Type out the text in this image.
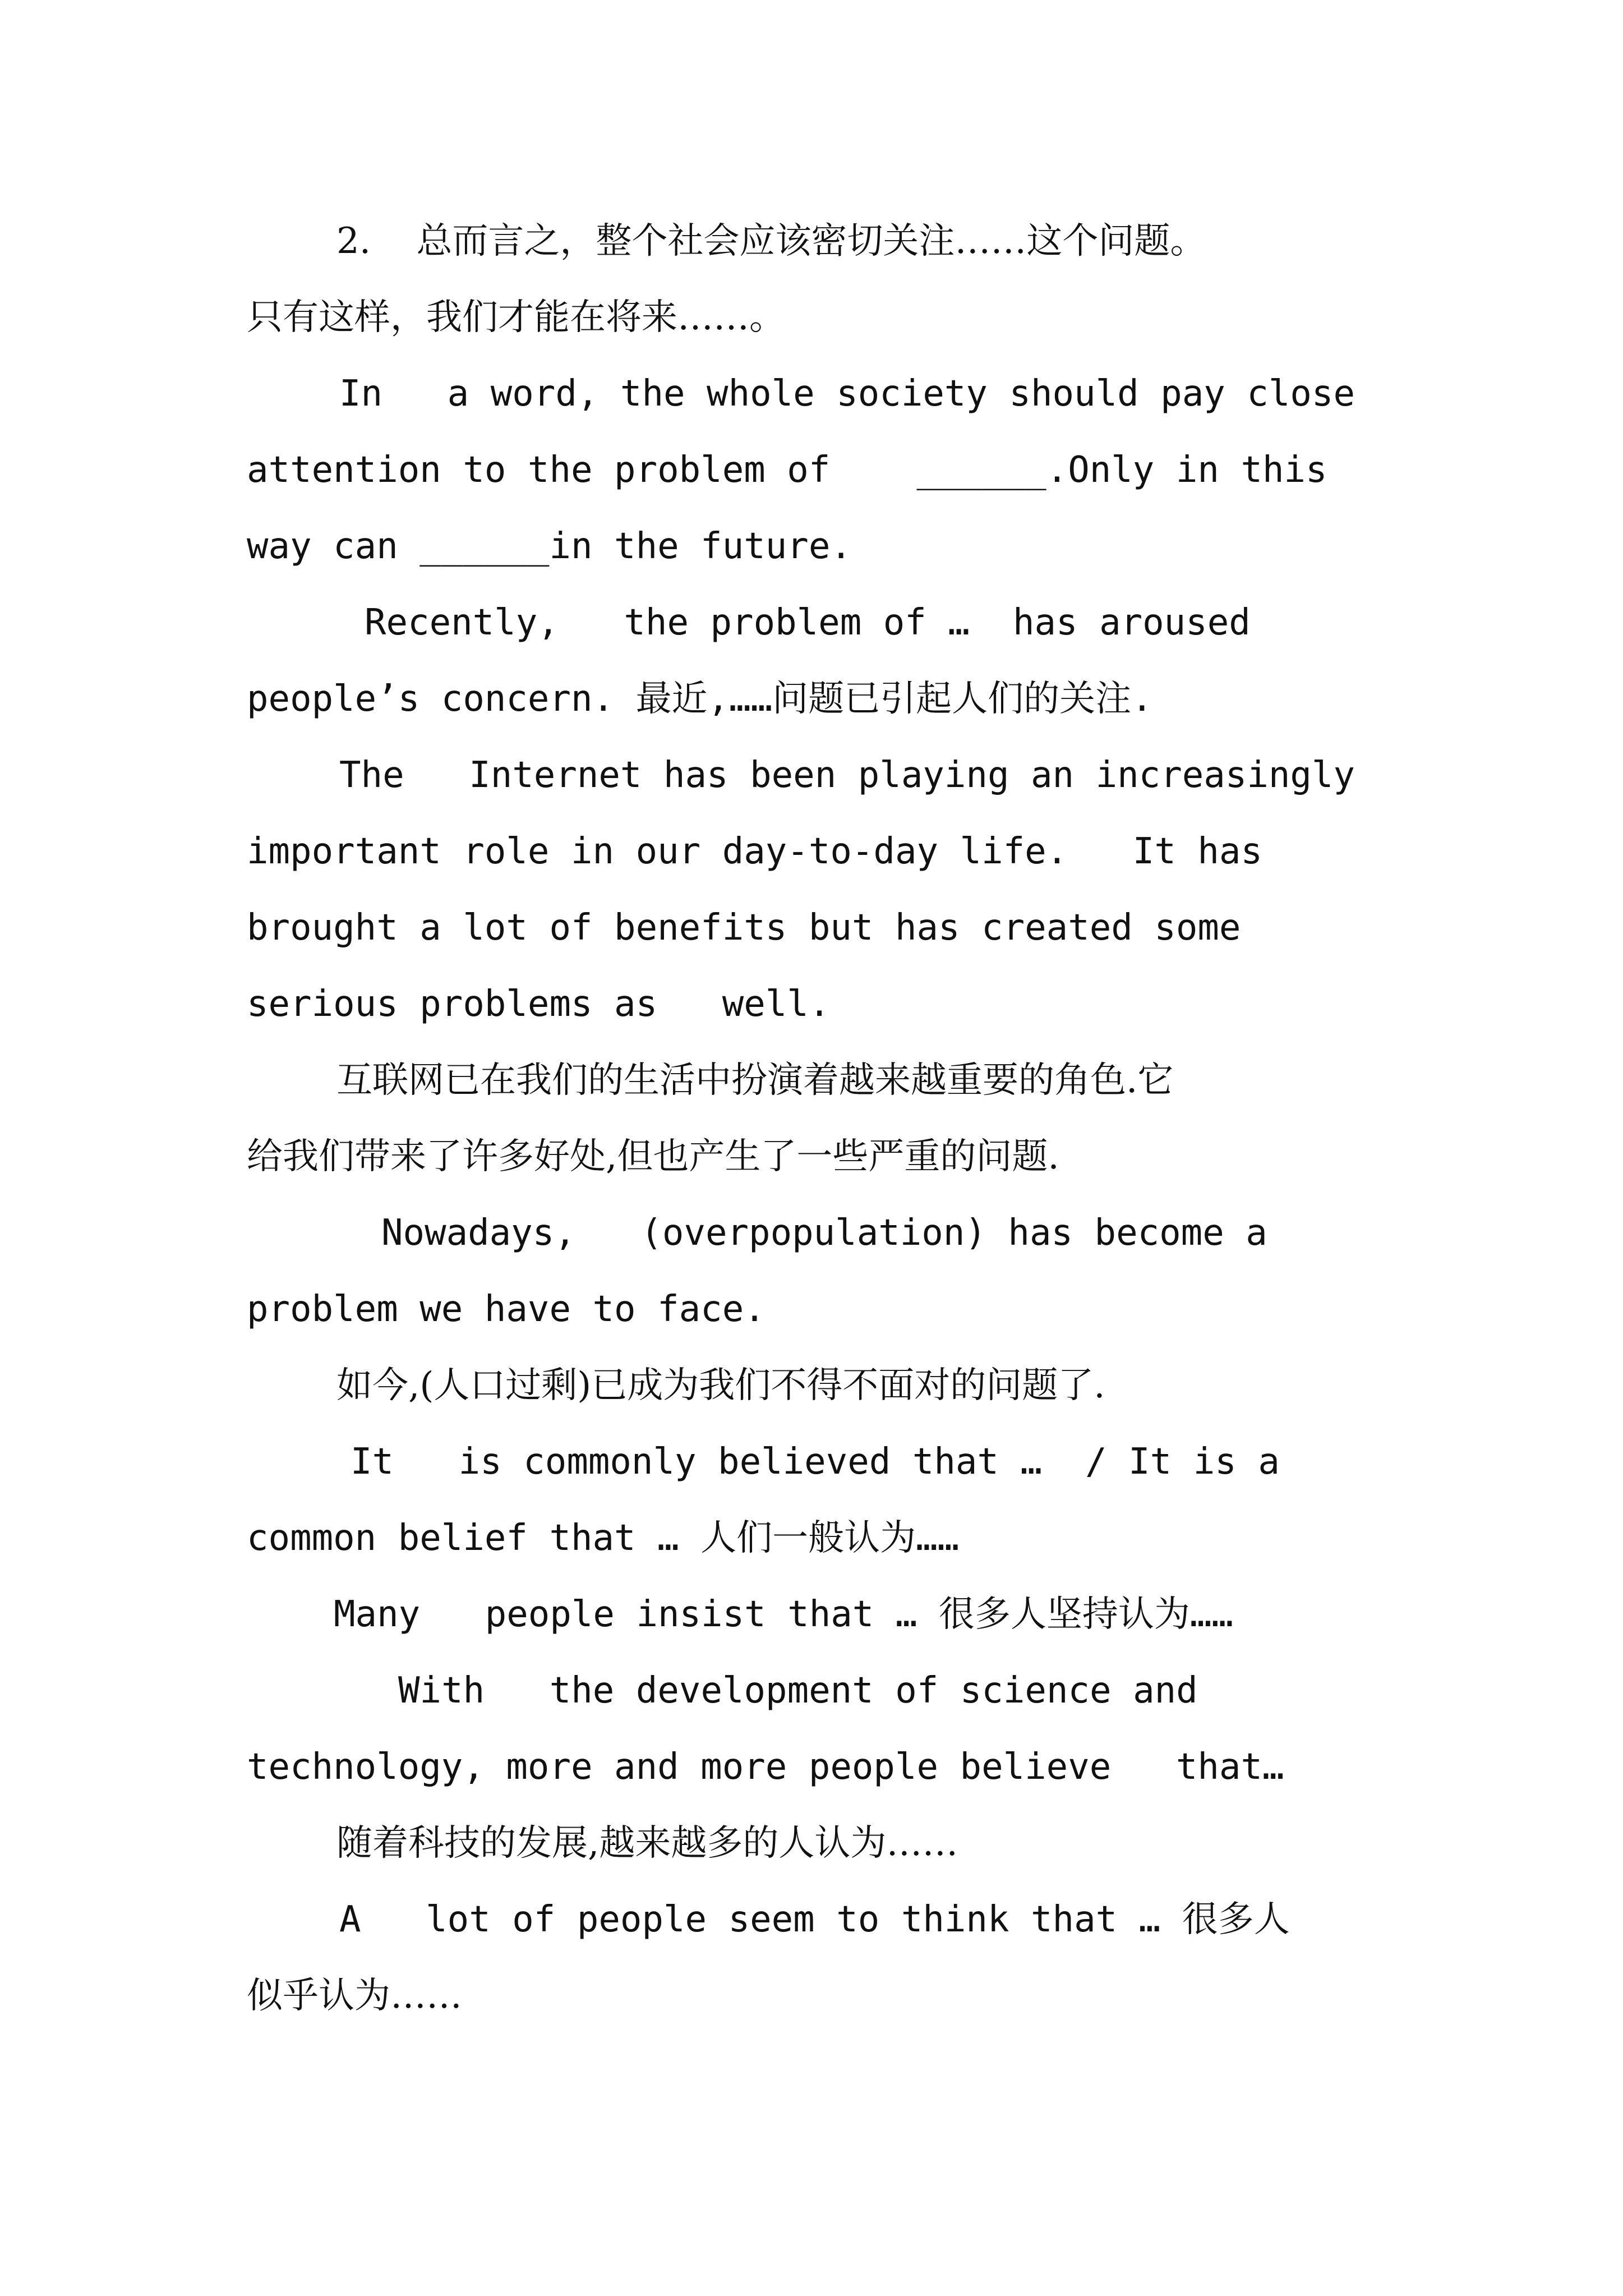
2.    总而言之，整个社会应该密切关注……这个问题。
只有这样，我们才能在将来……。
In   a word, the whole society should pay close
attention to the problem of    ______.Only in this
way can ______in the future.
Recently,   the problem of …  has aroused
people’s concern. 最近,……问题已引起人们的关注.
The   Internet has been playing an increasingly
important role in our day-to-day life.   It has
brought a lot of benefits but has created some
serious problems as   well.
互联网已在我们的生活中扮演着越来越重要的角色.它
给我们带来了许多好处,但也产生了一些严重的问题.
Nowadays,   (overpopulation) has become a
problem we have to face.
如今,(人口过剩)已成为我们不得不面对的问题了.
It   is commonly believed that …  / It is a
common belief that … 人们一般认为……
Many   people insist that … 很多人坚持认为……
With   the development of science and
technology, more and more people believe   that…
随着科技的发展,越来越多的人认为……
A   lot of people seem to think that … 很多人
似乎认为……
